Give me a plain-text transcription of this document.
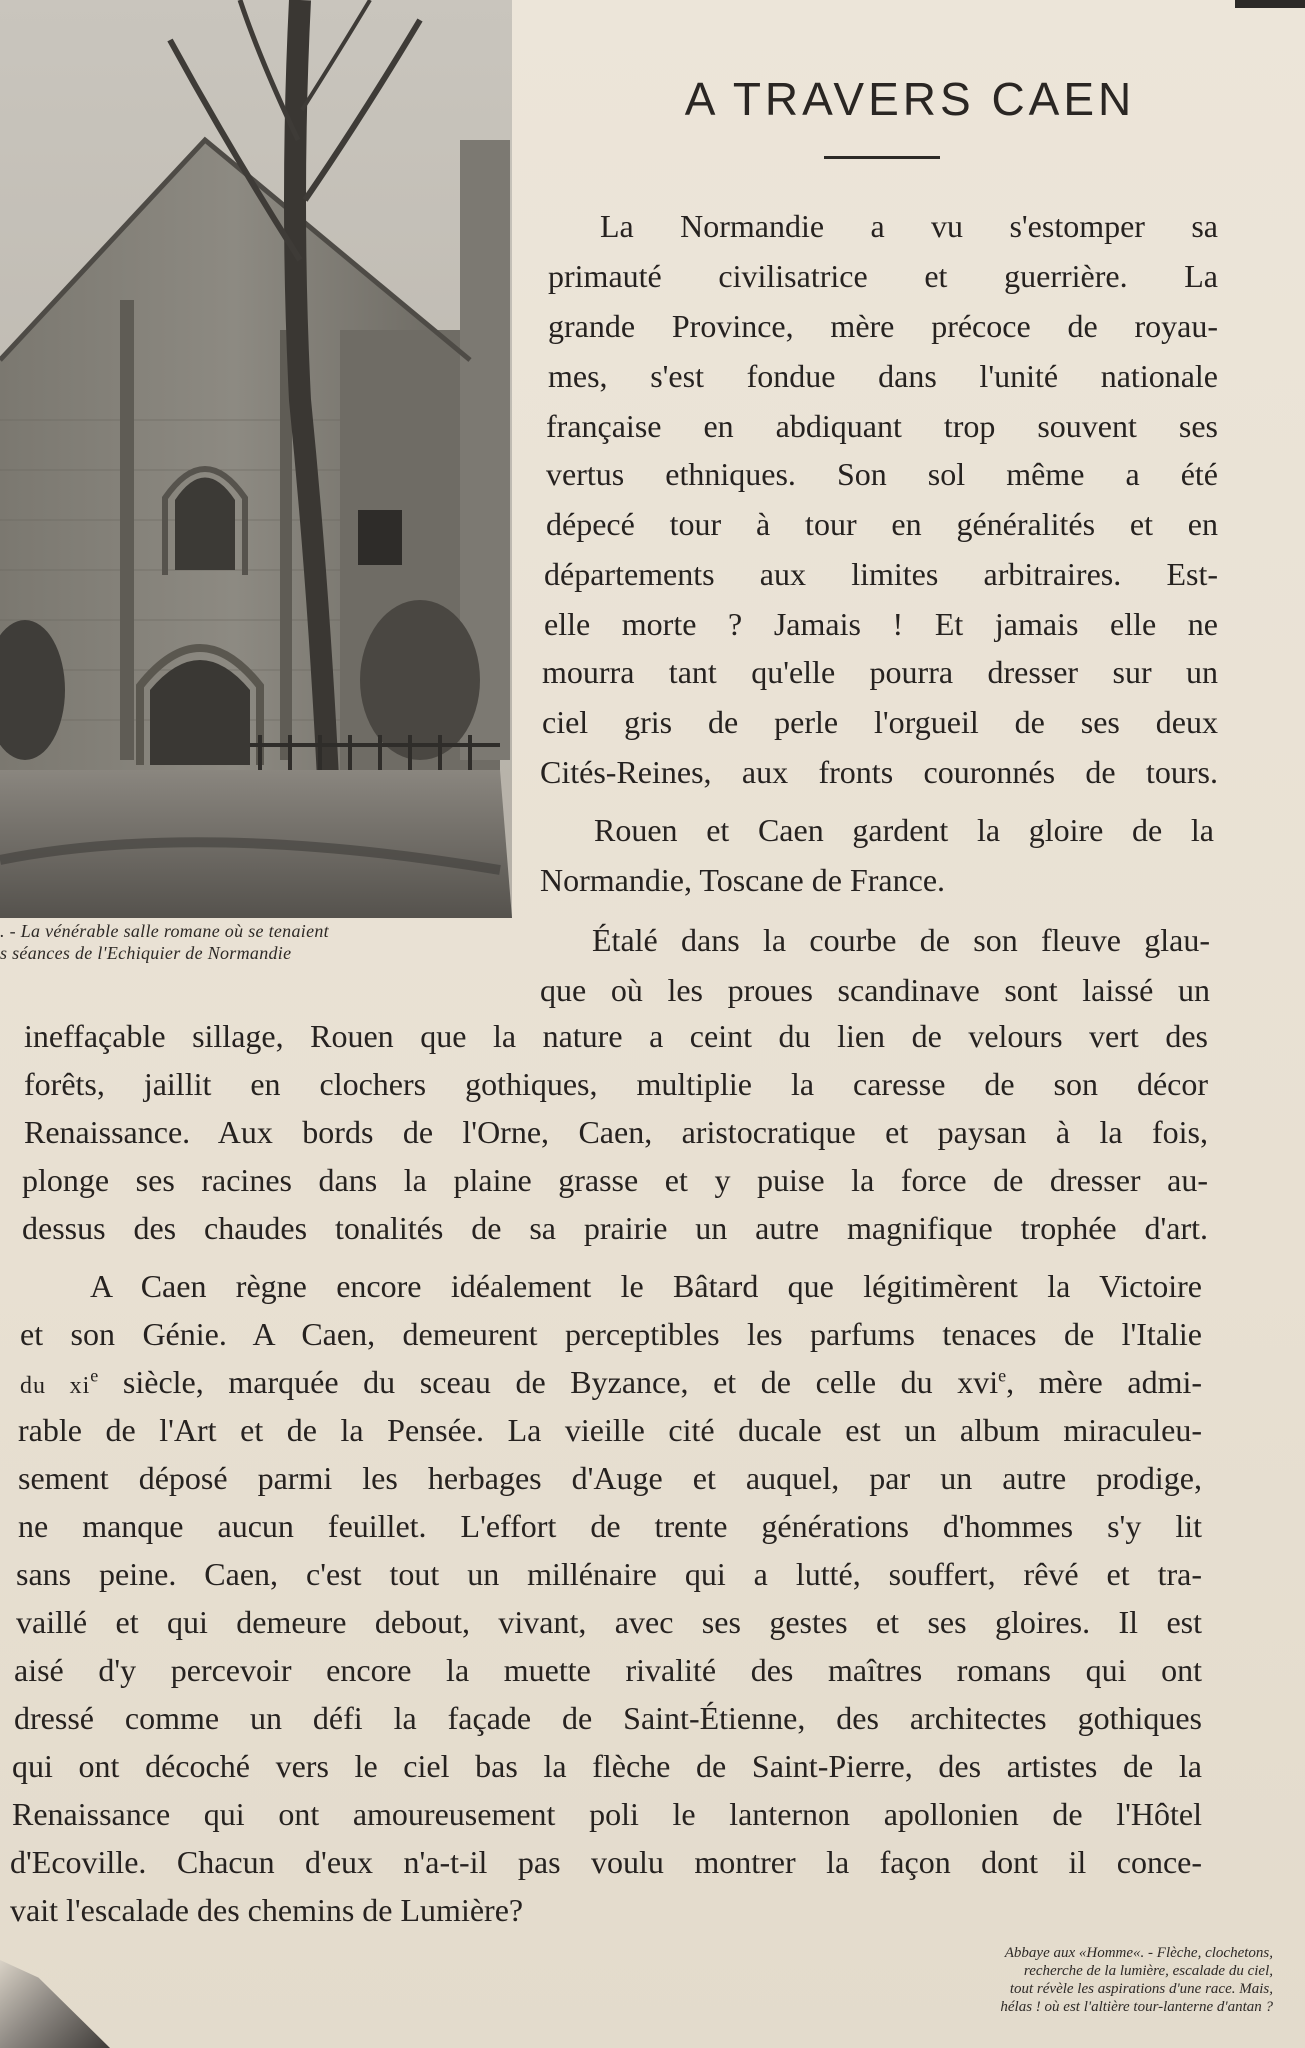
. - La vénérable salle romane où se tenaient
s séances de l'Echiquier de Normandie
A TRAVERS CAEN
La Normandie a vu s'estomper sa
primauté civilisatrice et guerrière. La
grande Province, mère précoce de royau-
mes, s'est fondue dans l'unité nationale
française en abdiquant trop souvent ses
vertus ethniques. Son sol même a été
dépecé tour à tour en généralités et en
départements aux limites arbitraires. Est-
elle morte ? Jamais ! Et jamais elle ne
mourra tant qu'elle pourra dresser sur un
ciel gris de perle l'orgueil de ses deux
Cités-Reines, aux fronts couronnés de tours.
Rouen et Caen gardent la gloire de la
Normandie, Toscane de France.
Étalé dans la courbe de son fleuve glau-
que où les proues scandinave sont laissé un
ineffaçable sillage, Rouen que la nature a ceint du lien de velours vert des
forêts, jaillit en clochers gothiques, multiplie la caresse de son décor
Renaissance. Aux bords de l'Orne, Caen, aristocratique et paysan à la fois,
plonge ses racines dans la plaine grasse et y puise la force de dresser au-
dessus des chaudes tonalités de sa prairie un autre magnifique trophée d'art.
A Caen règne encore idéalement le Bâtard que légitimèrent la Victoire
et son Génie. A Caen, demeurent perceptibles les parfums tenaces de l'Italie
du $xi^e$ siècle, marquée du sceau de Byzance, et de celle du xvi$^e$, mère admi-
rable de l'Art et de la Pensée. La vieille cité ducale est un album miraculeu-
sement déposé parmi les herbages d'Auge et auquel, par un autre prodige,
ne manque aucun feuillet. L'effort de trente générations d'hommes s'y lit
sans peine. Caen, c'est tout un millénaire qui a lutté, souffert, rêvé et tra-
vaillé et qui demeure debout, vivant, avec ses gestes et ses gloires. Il est
aisé d'y percevoir encore la muette rivalité des maîtres romans qui ont
dressé comme un défi la façade de Saint-Étienne, des architectes gothiques
qui ont décoché vers le ciel bas la flèche de Saint-Pierre, des artistes de la
Renaissance qui ont amoureusement poli le lanternon apollonien de l'Hôtel
d'Ecoville. Chacun d'eux n'a-t-il pas voulu montrer la façon dont il conce-
vait l'escalade des chemins de Lumière?
Abbaye aux «Homme«. - Flèche, clochetons,
recherche de la lumière, escalade du ciel,
tout révèle les aspirations d'une race. Mais,
hélas ! où est l'altière tour-lanterne d'antan ?
